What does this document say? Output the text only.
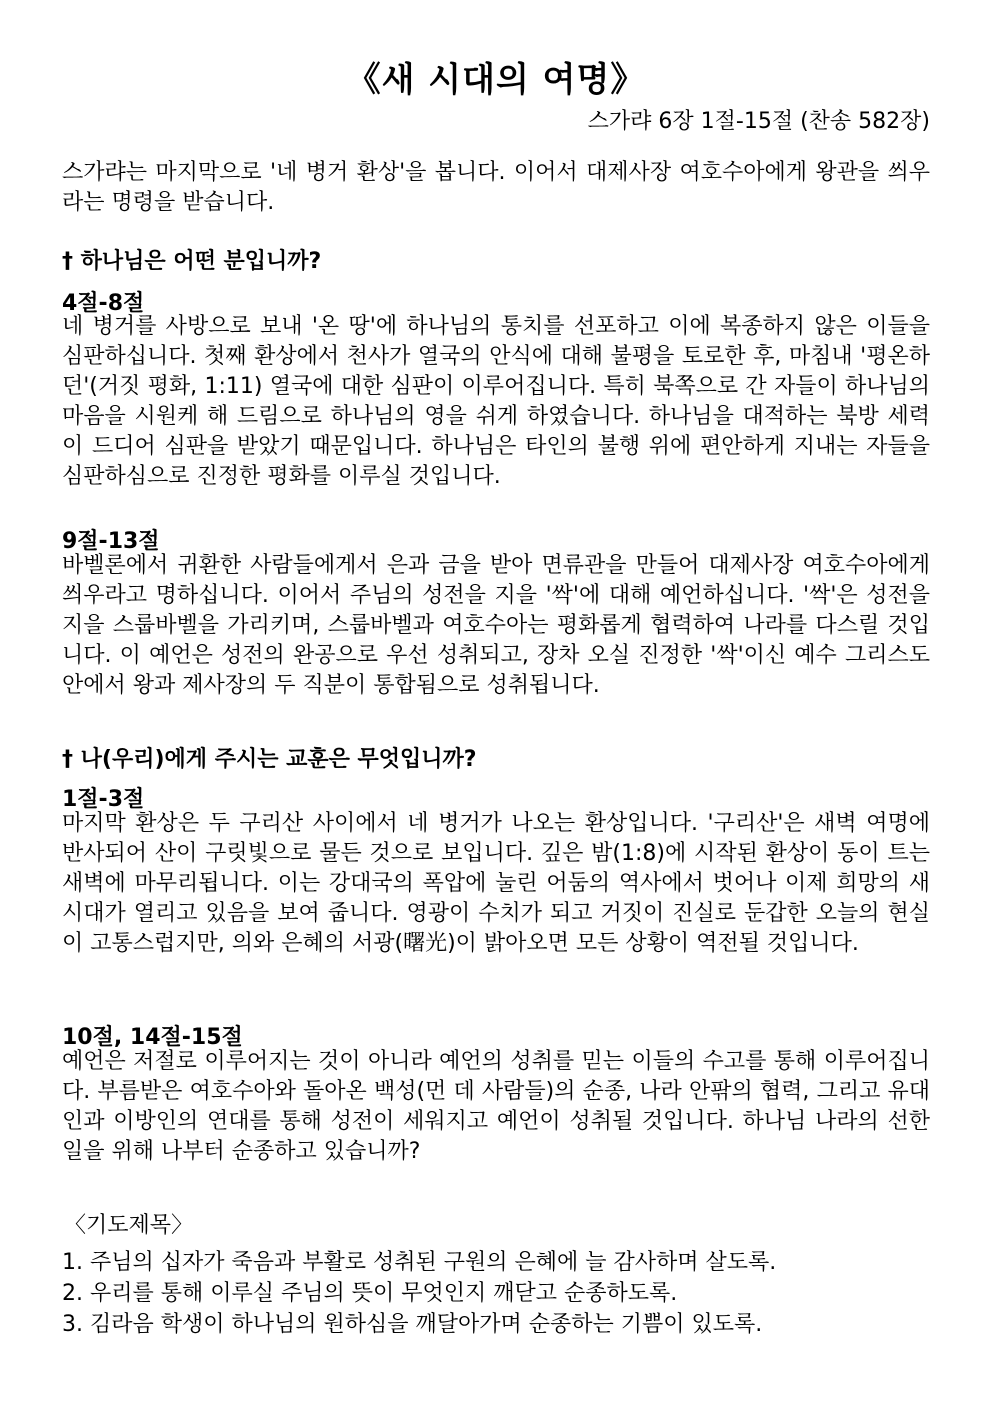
《새 시대의 여명》
스가랴 6장 1절-15절 (찬송 582장)
스가랴는 마지막으로 '네 병거 환상'을 봅니다. 이어서 대제사장 여호수아에게 왕관을 씌우라는 명령을 받습니다.
† 하나님은 어떤 분입니까?
4절-8절
네 병거를 사방으로 보내 '온 땅'에 하나님의 통치를 선포하고 이에 복종하지 않은 이들을 심판하십니다. 첫째 환상에서 천사가 열국의 안식에 대해 불평을 토로한 후, 마침내 '평온하던'(거짓 평화, 1:11) 열국에 대한 심판이 이루어집니다. 특히 북쪽으로 간 자들이 하나님의 마음을 시원케 해 드림으로 하나님의 영을 쉬게 하였습니다. 하나님을 대적하는 북방 세력이 드디어 심판을 받았기 때문입니다. 하나님은 타인의 불행 위에 편안하게 지내는 자들을 심판하심으로 진정한 평화를 이루실 것입니다.
9절-13절
바벨론에서 귀환한 사람들에게서 은과 금을 받아 면류관을 만들어 대제사장 여호수아에게 씌우라고 명하십니다. 이어서 주님의 성전을 지을 '싹'에 대해 예언하십니다. '싹'은 성전을 지을 스룹바벨을 가리키며, 스룹바벨과 여호수아는 평화롭게 협력하여 나라를 다스릴 것입니다. 이 예언은 성전의 완공으로 우선 성취되고, 장차 오실 진정한 '싹'이신 예수 그리스도 안에서 왕과 제사장의 두 직분이 통합됨으로 성취됩니다.
† 나(우리)에게 주시는 교훈은 무엇입니까?
1절-3절
마지막 환상은 두 구리산 사이에서 네 병거가 나오는 환상입니다. '구리산'은 새벽 여명에 반사되어 산이 구릿빛으로 물든 것으로 보입니다. 깊은 밤(1:8)에 시작된 환상이 동이 트는 새벽에 마무리됩니다. 이는 강대국의 폭압에 눌린 어둠의 역사에서 벗어나 이제 희망의 새 시대가 열리고 있음을 보여 줍니다. 영광이 수치가 되고 거짓이 진실로 둔갑한 오늘의 현실이 고통스럽지만, 의와 은혜의 서광(曙光)이 밝아오면 모든 상황이 역전될 것입니다.
10절, 14절-15절
예언은 저절로 이루어지는 것이 아니라 예언의 성취를 믿는 이들의 수고를 통해 이루어집니다. 부름받은 여호수아와 돌아온 백성(먼 데 사람들)의 순종, 나라 안팎의 협력, 그리고 유대인과 이방인의 연대를 통해 성전이 세워지고 예언이 성취될 것입니다. 하나님 나라의 선한 일을 위해 나부터 순종하고 있습니까?
〈기도제목〉
1. 주님의 십자가 죽음과 부활로 성취된 구원의 은혜에 늘 감사하며 살도록.
2. 우리를 통해 이루실 주님의 뜻이 무엇인지 깨닫고 순종하도록.
3. 김라음 학생이 하나님의 원하심을 깨달아가며 순종하는 기쁨이 있도록.
